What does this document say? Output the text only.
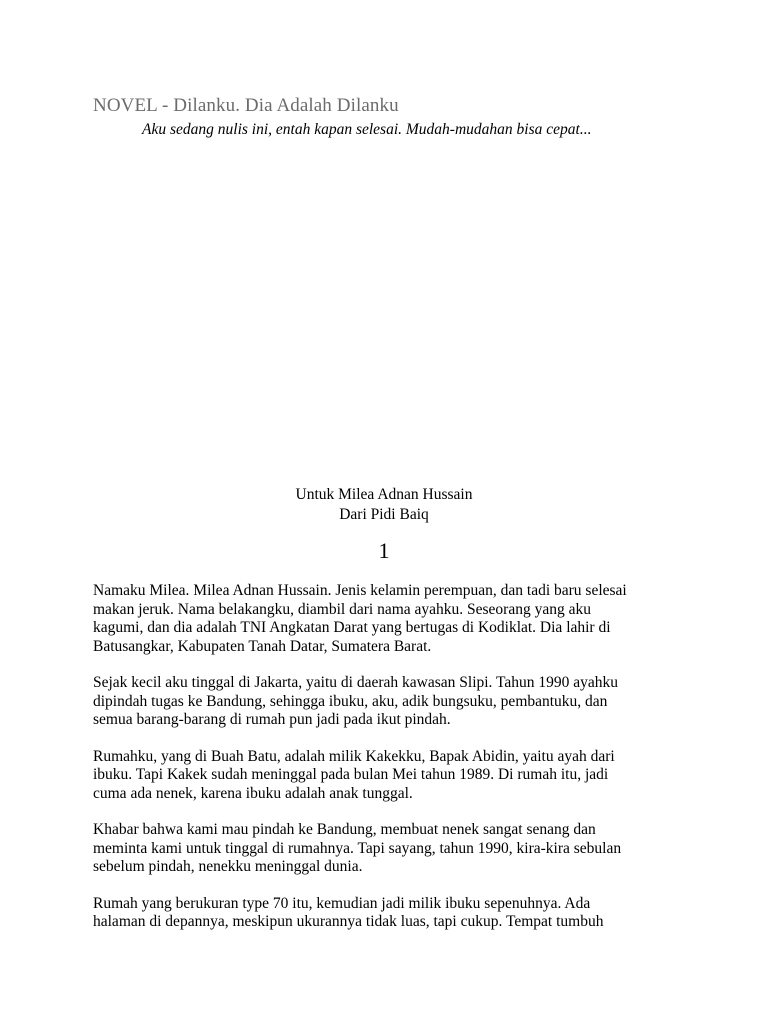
NOVEL - Dilanku. Dia Adalah Dilanku
Aku sedang nulis ini, entah kapan selesai. Mudah-mudahan bisa cepat...
Untuk Milea Adnan Hussain
Dari Pidi Baiq
1

Namaku Milea. Milea Adnan Hussain. Jenis kelamin perempuan, dan tadi baru selesai
makan jeruk. Nama belakangku, diambil dari nama ayahku. Seseorang yang aku
kagumi, dan dia adalah TNI Angkatan Darat yang bertugas di Kodiklat. Dia lahir di
Batusangkar, Kabupaten Tanah Datar, Sumatera Barat.

Sejak kecil aku tinggal di Jakarta, yaitu di daerah kawasan Slipi. Tahun 1990 ayahku
dipindah tugas ke Bandung, sehingga ibuku, aku, adik bungsuku, pembantuku, dan
semua barang-barang di rumah pun jadi pada ikut pindah.

Rumahku, yang di Buah Batu, adalah milik Kakekku, Bapak Abidin, yaitu ayah dari
ibuku. Tapi Kakek sudah meninggal pada bulan Mei tahun 1989. Di rumah itu, jadi
cuma ada nenek, karena ibuku adalah anak tunggal.

Khabar bahwa kami mau pindah ke Bandung, membuat nenek sangat senang dan
meminta kami untuk tinggal di rumahnya. Tapi sayang, tahun 1990, kira-kira sebulan
sebelum pindah, nenekku meninggal dunia.

Rumah yang berukuran type 70 itu, kemudian jadi milik ibuku sepenuhnya. Ada
halaman di depannya, meskipun ukurannya tidak luas, tapi cukup. Tempat tumbuh
